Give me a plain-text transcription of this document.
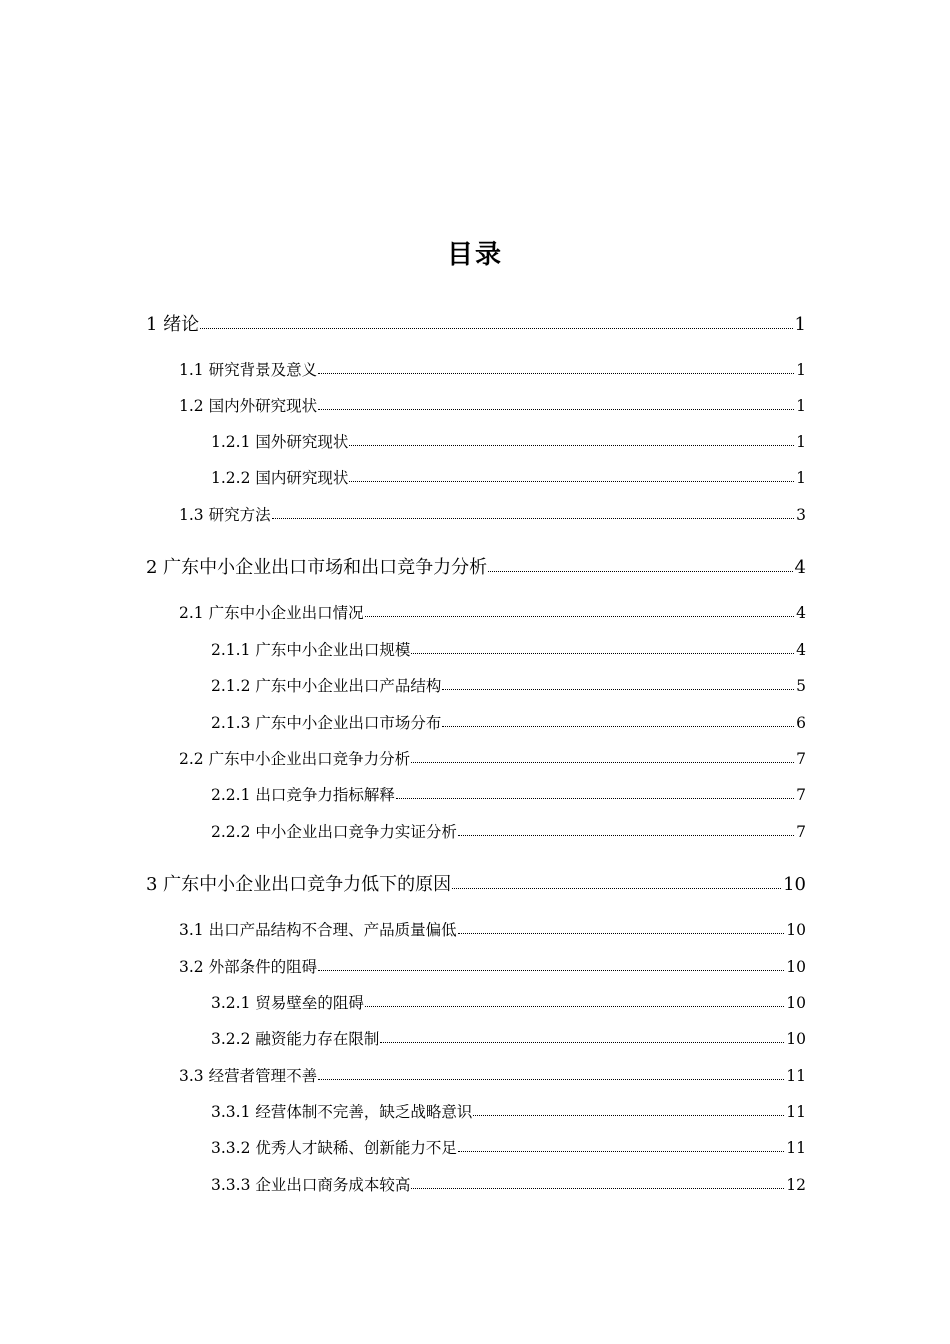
目录
1 绪论	1
1.1 研究背景及意义	1
1.2 国内外研究现状	1
1.2.1 国外研究现状	1
1.2.2 国内研究现状	1
1.3 研究方法	3
2 广东中小企业出口市场和出口竞争力分析	4
2.1 广东中小企业出口情况	4
2.1.1 广东中小企业出口规模	4
2.1.2 广东中小企业出口产品结构	5
2.1.3 广东中小企业出口市场分布	6
2.2 广东中小企业出口竞争力分析	7
2.2.1 出口竞争力指标解释	7
2.2.2 中小企业出口竞争力实证分析	7
3 广东中小企业出口竞争力低下的原因	10
3.1 出口产品结构不合理、产品质量偏低	10
3.2 外部条件的阻碍	10
3.2.1 贸易壁垒的阻碍	10
3.2.2 融资能力存在限制	10
3.3 经营者管理不善	11
3.3.1 经营体制不完善，缺乏战略意识	11
3.3.2 优秀人才缺稀、创新能力不足	11
3.3.3 企业出口商务成本较高	12
